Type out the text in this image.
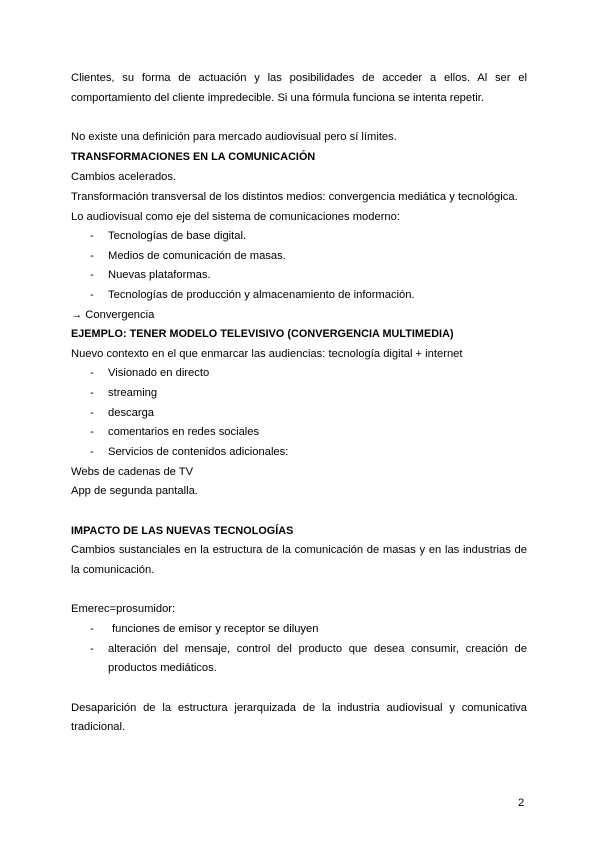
Clientes, su forma de actuación y las posibilidades de acceder a ellos. Al ser el
comportamiento del cliente impredecible. Si una fórmula funciona se intenta repetir.
No existe una definición para mercado audiovisual pero sí límites.
TRANSFORMACIONES EN LA COMUNICACIÓN
Cambios acelerados.
Transformación transversal de los distintos medios: convergencia mediática y tecnológica.
Lo audiovisual como eje del sistema de comunicaciones moderno:
- Tecnologías de base digital.
- Medios de comunicación de masas.
- Nuevas plataformas.
- Tecnologías de producción y almacenamiento de información.
→ Convergencia
EJEMPLO: TENER MODELO TELEVISIVO (CONVERGENCIA MULTIMEDIA)
Nuevo contexto en el que enmarcar las audiencias: tecnología digital + internet
- Visionado en directo
- streaming
- descarga
- comentarios en redes sociales
- Servicios de contenidos adicionales:
Webs de cadenas de TV
App de segunda pantalla.
IMPACTO DE LAS NUEVAS TECNOLOGÍAS
Cambios sustanciales en la estructura de la comunicación de masas y en las industrias de
la comunicación.
Emerec=prosumidor:
- funciones de emisor y receptor se diluyen
- alteración del mensaje, control del producto que desea consumir, creación de
productos mediáticos.
Desaparición de la estructura jerarquizada de la industria audiovisual y comunicativa
tradicional.
2
